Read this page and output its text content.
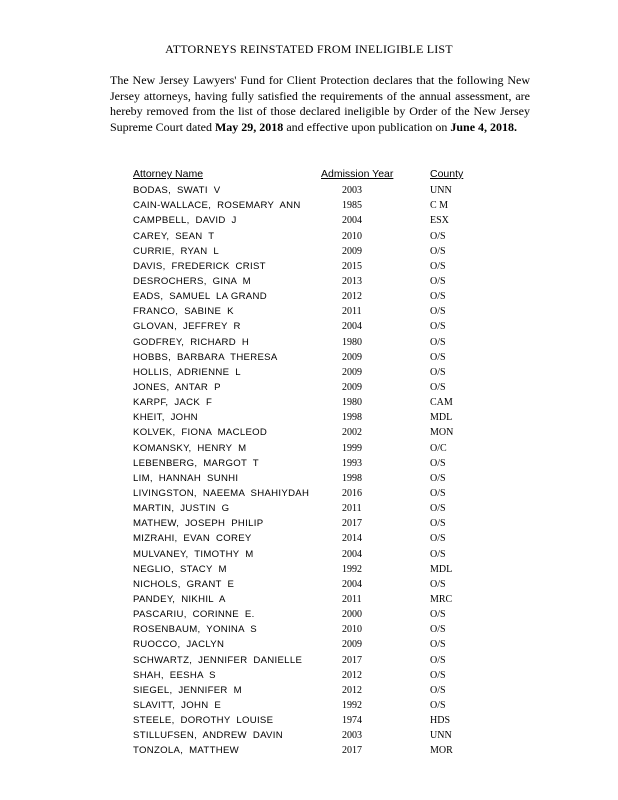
ATTORNEYS REINSTATED FROM INELIGIBLE LIST
The New Jersey Lawyers' Fund for Client Protection declares that the following New Jersey attorneys, having fully satisfied the requirements of the annual assessment, are hereby removed from the list of those declared ineligible by Order of the New Jersey Supreme Court dated May 29, 2018 and effective upon publication on June 4, 2018.
Attorney Name	Admission Year	County
BODAS,  SWATI  V	2003	UNN
CAIN-WALLACE,  ROSEMARY  ANN	1985	C M
CAMPBELL,  DAVID  J	2004	ESX
CAREY,  SEAN  T	2010	O/S
CURRIE,  RYAN  L	2009	O/S
DAVIS,  FREDERICK  CRIST	2015	O/S
DESROCHERS,  GINA  M	2013	O/S
EADS,  SAMUEL  LA GRAND	2012	O/S
FRANCO,  SABINE  K	2011	O/S
GLOVAN,  JEFFREY  R	2004	O/S
GODFREY,  RICHARD  H	1980	O/S
HOBBS,  BARBARA  THERESA	2009	O/S
HOLLIS,  ADRIENNE  L	2009	O/S
JONES,  ANTAR  P	2009	O/S
KARPF,  JACK  F	1980	CAM
KHEIT,  JOHN	1998	MDL
KOLVEK,  FIONA  MACLEOD	2002	MON
KOMANSKY,  HENRY  M	1999	O/C
LEBENBERG,  MARGOT  T	1993	O/S
LIM,  HANNAH  SUNHI	1998	O/S
LIVINGSTON,  NAEEMA  SHAHIYDAH	2016	O/S
MARTIN,  JUSTIN  G	2011	O/S
MATHEW,  JOSEPH  PHILIP	2017	O/S
MIZRAHI,  EVAN  COREY	2014	O/S
MULVANEY,  TIMOTHY  M	2004	O/S
NEGLIO,  STACY  M	1992	MDL
NICHOLS,  GRANT  E	2004	O/S
PANDEY,  NIKHIL  A	2011	MRC
PASCARIU,  CORINNE  E.	2000	O/S
ROSENBAUM,  YONINA  S	2010	O/S
RUOCCO,  JACLYN	2009	O/S
SCHWARTZ,  JENNIFER  DANIELLE	2017	O/S
SHAH,  EESHA  S	2012	O/S
SIEGEL,  JENNIFER  M	2012	O/S
SLAVITT,  JOHN  E	1992	O/S
STEELE,  DOROTHY  LOUISE	1974	HDS
STILLUFSEN,  ANDREW  DAVIN	2003	UNN
TONZOLA,  MATTHEW	2017	MOR
